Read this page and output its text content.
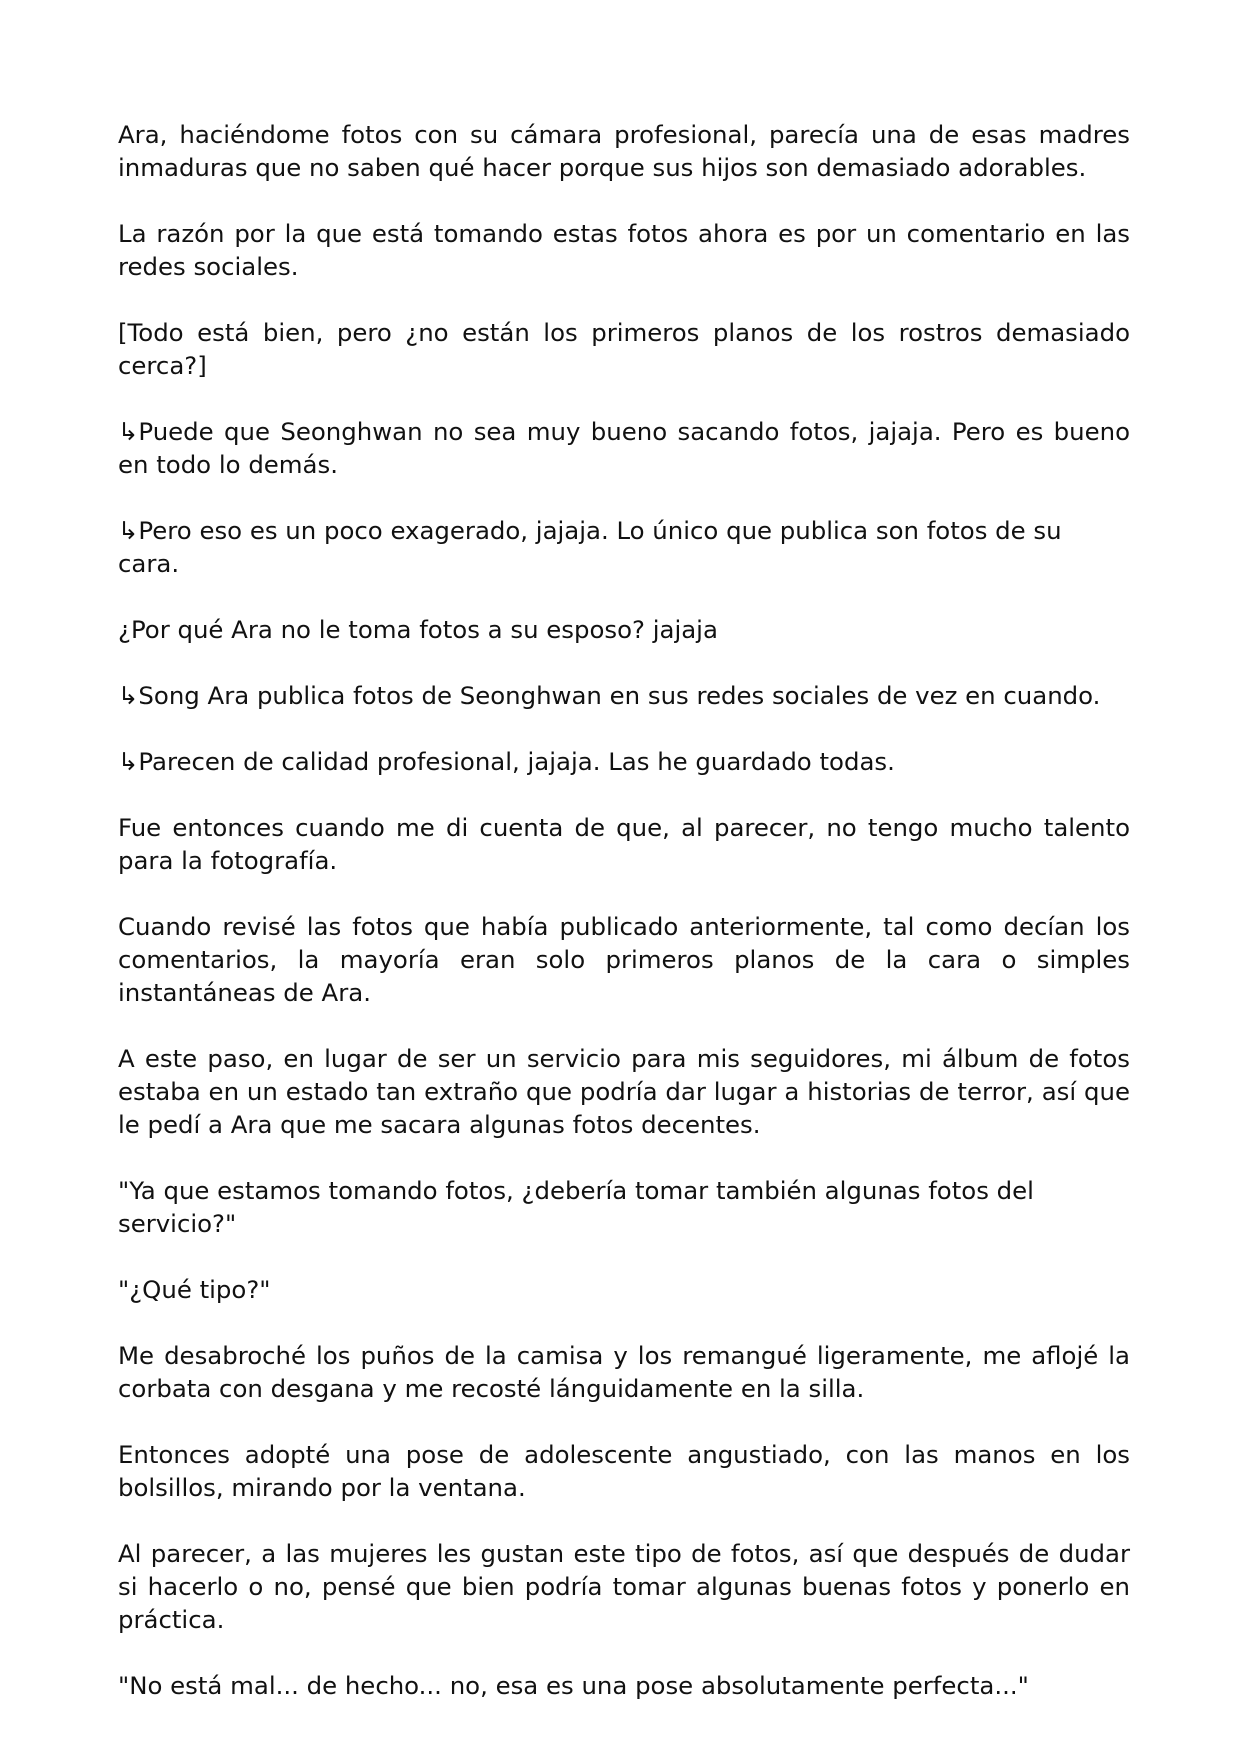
Ara, haciéndome fotos con su cámara profesional, parecía una de esas madres inmaduras que no saben qué hacer porque sus hijos son demasiado adorables.

La razón por la que está tomando estas fotos ahora es por un comentario en las redes sociales.

[Todo está bien, pero ¿no están los primeros planos de los rostros demasiado cerca?]

↳Puede que Seonghwan no sea muy bueno sacando fotos, jajaja. Pero es bueno en todo lo demás.

↳Pero eso es un poco exagerado, jajaja. Lo único que publica son fotos de su cara.

¿Por qué Ara no le toma fotos a su esposo? jajaja

↳Song Ara publica fotos de Seonghwan en sus redes sociales de vez en cuando.

↳Parecen de calidad profesional, jajaja. Las he guardado todas.

Fue entonces cuando me di cuenta de que, al parecer, no tengo mucho talento para la fotografía.

Cuando revisé las fotos que había publicado anteriormente, tal como decían los comentarios, la mayoría eran solo primeros planos de la cara o simples instantáneas de Ara.

A este paso, en lugar de ser un servicio para mis seguidores, mi álbum de fotos estaba en un estado tan extraño que podría dar lugar a historias de terror, así que le pedí a Ara que me sacara algunas fotos decentes.

"Ya que estamos tomando fotos, ¿debería tomar también algunas fotos del servicio?"

"¿Qué tipo?"

Me desabroché los puños de la camisa y los remangué ligeramente, me aflojé la corbata con desgana y me recosté lánguidamente en la silla.

Entonces adopté una pose de adolescente angustiado, con las manos en los bolsillos, mirando por la ventana.

Al parecer, a las mujeres les gustan este tipo de fotos, así que después de dudar si hacerlo o no, pensé que bien podría tomar algunas buenas fotos y ponerlo en práctica.

"No está mal... de hecho... no, esa es una pose absolutamente perfecta..."
